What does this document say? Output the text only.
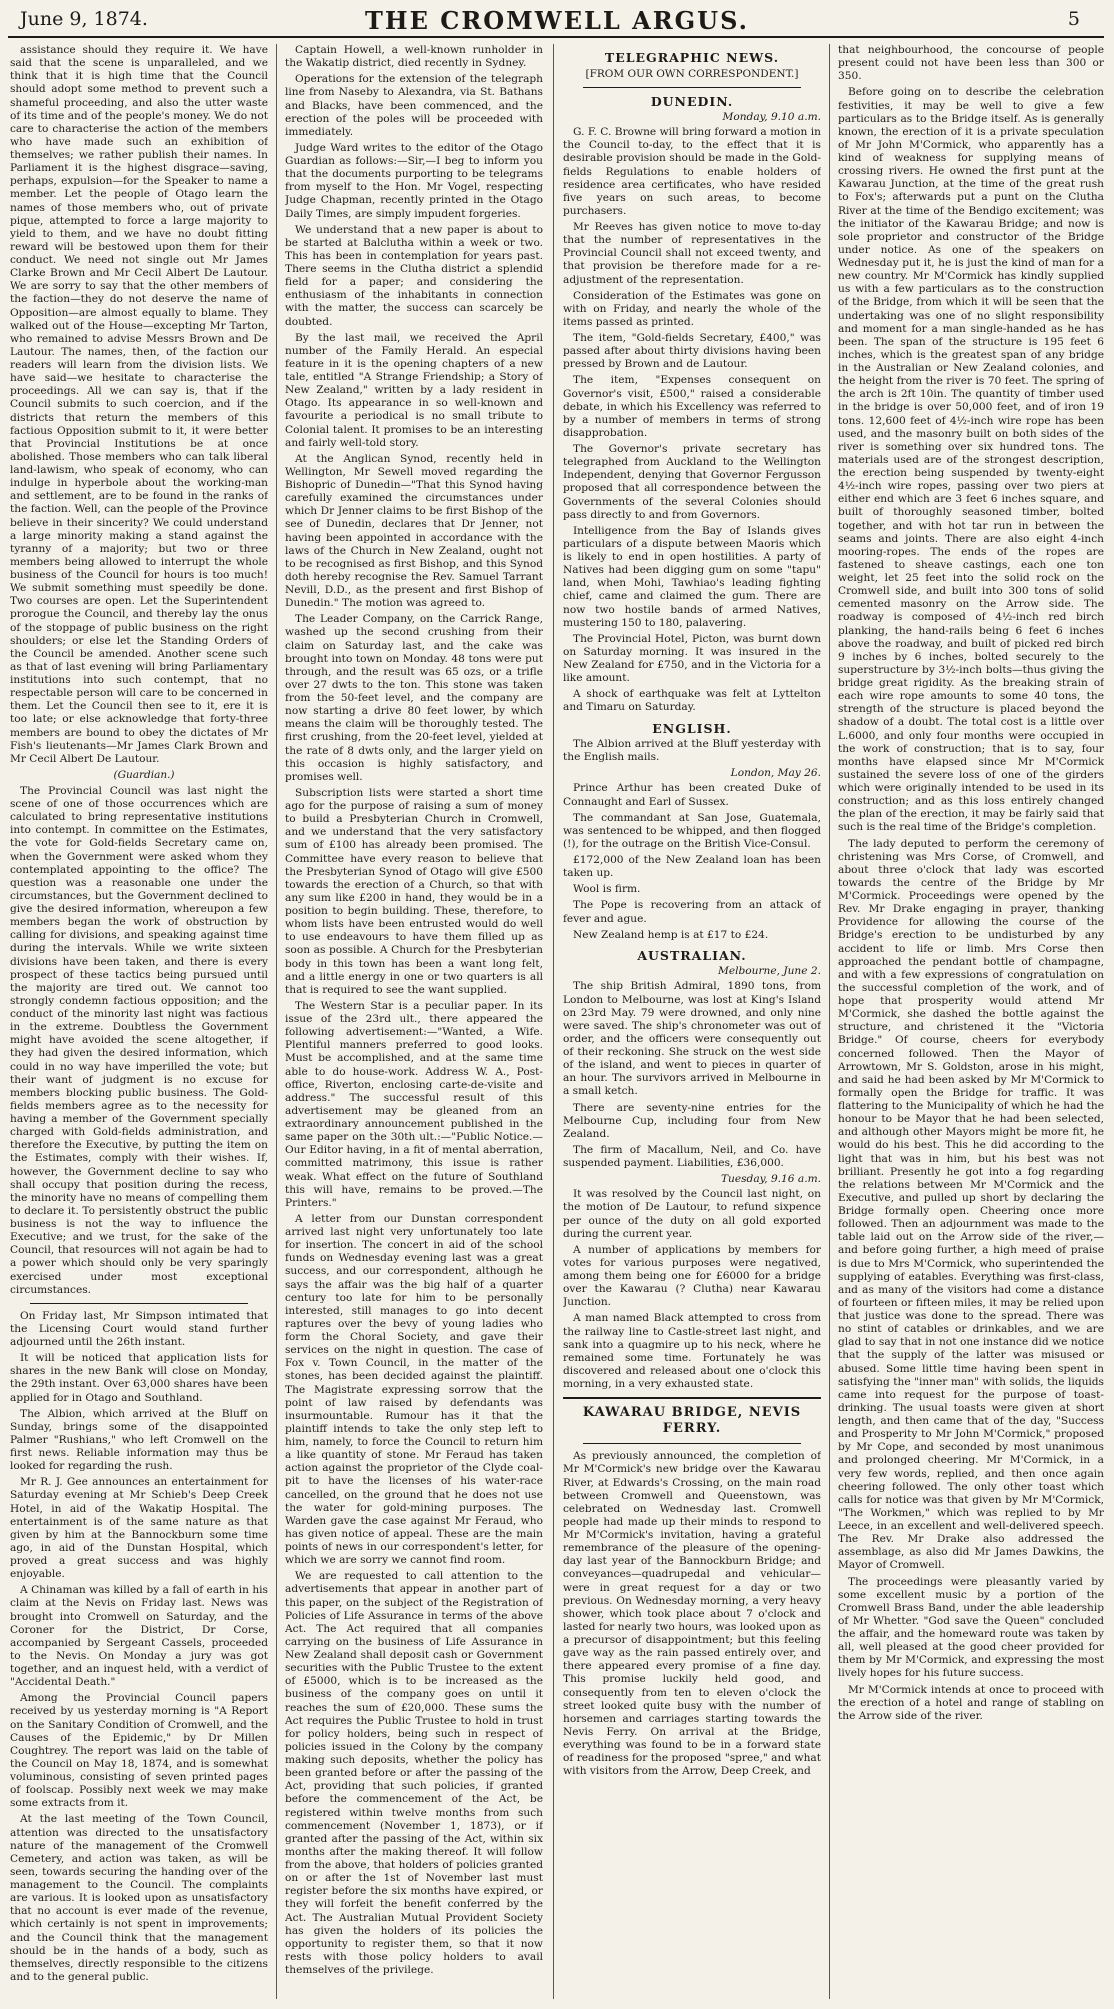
June 9, 1874.	THE CROMWELL ARGUS.	5

assistance should they require it. We have said that the scene is unparalleled, and we think that it is high time that the Council should adopt some method to prevent such a shameful proceeding, and also the utter waste of its time and of the people's money. We do not care to characterise the action of the members who have made such an exhibition of themselves; we rather publish their names. In Parliament it is the highest disgrace—saving, perhaps, expulsion—for the Speaker to name a member. Let the people of Otago learn the names of those members who, out of private pique, attempted to force a large majority to yield to them, and we have no doubt fitting reward will be bestowed upon them for their conduct. We need not single out Mr James Clarke Brown and Mr Cecil Albert De Lautour. We are sorry to say that the other members of the faction—they do not deserve the name of Opposition—are almost equally to blame. They walked out of the House—excepting Mr Tarton, who remained to advise Messrs Brown and De Lautour. The names, then, of the faction our readers will learn from the division lists. We have said—we hesitate to characterise the proceedings. All we can say is, that if the Council submits to such coercion, and if the districts that return the members of this factious Opposition submit to it, it were better that Provincial Institutions be at once abolished. Those members who can talk liberal land-lawism, who speak of economy, who can indulge in hyperbole about the working-man and settlement, are to be found in the ranks of the faction. Well, can the people of the Province believe in their sincerity? We could understand a large minority making a stand against the tyranny of a majority; but two or three members being allowed to interrupt the whole business of the Council for hours is too much! We submit something must speedily be done. Two courses are open. Let the Superintendent prorogue the Council, and thereby lay the onus of the stoppage of public business on the right shoulders; or else let the Standing Orders of the Council be amended. Another scene such as that of last evening will bring Parliamentary institutions into such contempt, that no respectable person will care to be concerned in them. Let the Council then see to it, ere it is too late; or else acknowledge that forty-three members are bound to obey the dictates of Mr Fish's lieutenants—Mr James Clark Brown and Mr Cecil Albert De Lautour.

(Guardian.)

The Provincial Council was last night the scene of one of those occurrences which are calculated to bring representative institutions into contempt. In committee on the Estimates, the vote for Gold-fields Secretary came on, when the Government were asked whom they contemplated appointing to the office? The question was a reasonable one under the circumstances, but the Government declined to give the desired information, whereupon a few members began the work of obstruction by calling for divisions, and speaking against time during the intervals. While we write sixteen divisions have been taken, and there is every prospect of these tactics being pursued until the majority are tired out. We cannot too strongly condemn factious opposition; and the conduct of the minority last night was factious in the extreme. Doubtless the Government might have avoided the scene altogether, if they had given the desired information, which could in no way have imperilled the vote; but their want of judgment is no excuse for members blocking public business. The Gold-fields members agree as to the necessity for having a member of the Government specially charged with Gold-fields administration, and therefore the Executive, by putting the item on the Estimates, comply with their wishes. If, however, the Government decline to say who shall occupy that position during the recess, the minority have no means of compelling them to declare it. To persistently obstruct the public business is not the way to influence the Executive; and we trust, for the sake of the Council, that resources will not again be had to a power which should only be very sparingly exercised under most exceptional circumstances.

On Friday last, Mr Simpson intimated that the Licensing Court would stand further adjourned until the 26th instant.

It will be noticed that application lists for shares in the new Bank will close on Monday, the 29th instant. Over 63,000 shares have been applied for in Otago and Southland.

The Albion, which arrived at the Bluff on Sunday, brings some of the disappointed Palmer "Rushians," who left Cromwell on the first news. Reliable information may thus be looked for regarding the rush.

Mr R. J. Gee announces an entertainment for Saturday evening at Mr Schieb's Deep Creek Hotel, in aid of the Wakatip Hospital. The entertainment is of the same nature as that given by him at the Bannockburn some time ago, in aid of the Dunstan Hospital, which proved a great success and was highly enjoyable.

A Chinaman was killed by a fall of earth in his claim at the Nevis on Friday last. News was brought into Cromwell on Saturday, and the Coroner for the District, Dr Corse, accompanied by Sergeant Cassels, proceeded to the Nevis. On Monday a jury was got together, and an inquest held, with a verdict of "Accidental Death."

Among the Provincial Council papers received by us yesterday morning is "A Report on the Sanitary Condition of Cromwell, and the Causes of the Epidemic," by Dr Millen Coughtrey. The report was laid on the table of the Council on May 18, 1874, and is somewhat voluminous, consisting of seven printed pages of foolscap. Possibly next week we may make some extracts from it.

At the last meeting of the Town Council, attention was directed to the unsatisfactory nature of the management of the Cromwell Cemetery, and action was taken, as will be seen, towards securing the handing over of the management to the Council. The complaints are various. It is looked upon as unsatisfactory that no account is ever made of the revenue, which certainly is not spent in improvements; and the Council think that the management should be in the hands of a body, such as themselves, directly responsible to the citizens and to the general public.

Captain Howell, a well-known runholder in the Wakatip district, died recently in Sydney.

Operations for the extension of the telegraph line from Naseby to Alexandra, via St. Bathans and Blacks, have been commenced, and the erection of the poles will be proceeded with immediately.

Judge Ward writes to the editor of the Otago Guardian as follows:—Sir,—I beg to inform you that the documents purporting to be telegrams from myself to the Hon. Mr Vogel, respecting Judge Chapman, recently printed in the Otago Daily Times, are simply impudent forgeries.

We understand that a new paper is about to be started at Balclutha within a week or two. This has been in contemplation for years past. There seems in the Clutha district a splendid field for a paper; and considering the enthusiasm of the inhabitants in connection with the matter, the success can scarcely be doubted.

By the last mail, we received the April number of the Family Herald. An especial feature in it is the opening chapters of a new tale, entitled "A Strange Friendship; a Story of New Zealand," written by a lady resident in Otago. Its appearance in so well-known and favourite a periodical is no small tribute to Colonial talent. It promises to be an interesting and fairly well-told story.

At the Anglican Synod, recently held in Wellington, Mr Sewell moved regarding the Bishopric of Dunedin—"That this Synod having carefully examined the circumstances under which Dr Jenner claims to be first Bishop of the see of Dunedin, declares that Dr Jenner, not having been appointed in accordance with the laws of the Church in New Zealand, ought not to be recognised as first Bishop, and this Synod doth hereby recognise the Rev. Samuel Tarrant Nevill, D.D., as the present and first Bishop of Dunedin." The motion was agreed to.

The Leader Company, on the Carrick Range, washed up the second crushing from their claim on Saturday last, and the cake was brought into town on Monday. 48 tons were put through, and the result was 65 ozs, or a trifle over 27 dwts to the ton. This stone was taken from the 50-feet level, and the company are now starting a drive 80 feet lower, by which means the claim will be thoroughly tested. The first crushing, from the 20-feet level, yielded at the rate of 8 dwts only, and the larger yield on this occasion is highly satisfactory, and promises well.

Subscription lists were started a short time ago for the purpose of raising a sum of money to build a Presbyterian Church in Cromwell, and we understand that the very satisfactory sum of £100 has already been promised. The Committee have every reason to believe that the Presbyterian Synod of Otago will give £500 towards the erection of a Church, so that with any sum like £200 in hand, they would be in a position to begin building. These, therefore, to whom lists have been entrusted would do well to use endeavours to have them filled up as soon as possible. A Church for the Presbyterian body in this town has been a want long felt, and a little energy in one or two quarters is all that is required to see the want supplied.

The Western Star is a peculiar paper. In its issue of the 23rd ult., there appeared the following advertisement:—"Wanted, a Wife. Plentiful manners preferred to good looks. Must be accomplished, and at the same time able to do house-work. Address W. A., Post-office, Riverton, enclosing carte-de-visite and address." The successful result of this advertisement may be gleaned from an extraordinary announcement published in the same paper on the 30th ult.:—"Public Notice.—Our Editor having, in a fit of mental aberration, committed matrimony, this issue is rather weak. What effect on the future of Southland this will have, remains to be proved.—The Printers."

A letter from our Dunstan correspondent arrived last night very unfortunately too late for insertion. The concert in aid of the school funds on Wednesday evening last was a great success, and our correspondent, although he says the affair was the big half of a quarter century too late for him to be personally interested, still manages to go into decent raptures over the bevy of young ladies who form the Choral Society, and gave their services on the night in question. The case of Fox v. Town Council, in the matter of the stones, has been decided against the plaintiff. The Magistrate expressing sorrow that the point of law raised by defendants was insurmountable. Rumour has it that the plaintiff intends to take the only step left to him, namely, to force the Council to return him a like quantity of stone. Mr Feraud has taken action against the proprietor of the Clyde coal-pit to have the licenses of his water-race cancelled, on the ground that he does not use the water for gold-mining purposes. The Warden gave the case against Mr Feraud, who has given notice of appeal. These are the main points of news in our correspondent's letter, for which we are sorry we cannot find room.

We are requested to call attention to the advertisements that appear in another part of this paper, on the subject of the Registration of Policies of Life Assurance in terms of the above Act. The Act required that all companies carrying on the business of Life Assurance in New Zealand shall deposit cash or Government securities with the Public Trustee to the extent of £5000, which is to be increased as the business of the company goes on until it reaches the sum of £20,000. These sums the Act requires the Public Trustee to hold in trust for policy holders, being such in respect of policies issued in the Colony by the company making such deposits, whether the policy has been granted before or after the passing of the Act, providing that such policies, if granted before the commencement of the Act, be registered within twelve months from such commencement (November 1, 1873), or if granted after the passing of the Act, within six months after the making thereof. It will follow from the above, that holders of policies granted on or after the 1st of November last must register before the six months have expired, or they will forfeit the benefit conferred by the Act. The Australian Mutual Provident Society has given the holders of its policies the opportunity to register them, so that it now rests with those policy holders to avail themselves of the privilege.

TELEGRAPHIC NEWS.
[FROM OUR OWN CORRESPONDENT.]
DUNEDIN.
Monday, 9.10 a.m.

G. F. C. Browne will bring forward a motion in the Council to-day, to the effect that it is desirable provision should be made in the Gold-fields Regulations to enable holders of residence area certificates, who have resided five years on such areas, to become purchasers.

Mr Reeves has given notice to move to-day that the number of representatives in the Provincial Council shall not exceed twenty, and that provision be therefore made for a re-adjustment of the representation.

Consideration of the Estimates was gone on with on Friday, and nearly the whole of the items passed as printed.

The item, "Gold-fields Secretary, £400," was passed after about thirty divisions having been pressed by Brown and de Lautour.

The item, "Expenses consequent on Governor's visit, £500," raised a considerable debate, in which his Excellency was referred to by a number of members in terms of strong disapprobation.

The Governor's private secretary has telegraphed from Auckland to the Wellington Independent, denying that Governor Fergusson proposed that all correspondence between the Governments of the several Colonies should pass directly to and from Governors.

Intelligence from the Bay of Islands gives particulars of a dispute between Maoris which is likely to end in open hostilities. A party of Natives had been digging gum on some "tapu" land, when Mohi, Tawhiao's leading fighting chief, came and claimed the gum. There are now two hostile bands of armed Natives, mustering 150 to 180, palavering.

The Provincial Hotel, Picton, was burnt down on Saturday morning. It was insured in the New Zealand for £750, and in the Victoria for a like amount.

A shock of earthquake was felt at Lyttelton and Timaru on Saturday.

ENGLISH.

The Albion arrived at the Bluff yesterday with the English mails.

London, May 26.

Prince Arthur has been created Duke of Connaught and Earl of Sussex.

The commandant at San Jose, Guatemala, was sentenced to be whipped, and then flogged (!), for the outrage on the British Vice-Consul.

£172,000 of the New Zealand loan has been taken up.

Wool is firm.

The Pope is recovering from an attack of fever and ague.

New Zealand hemp is at £17 to £24.

AUSTRALIAN.
Melbourne, June 2.

The ship British Admiral, 1890 tons, from London to Melbourne, was lost at King's Island on 23rd May. 79 were drowned, and only nine were saved. The ship's chronometer was out of order, and the officers were consequently out of their reckoning. She struck on the west side of the island, and went to pieces in quarter of an hour. The survivors arrived in Melbourne in a small ketch.

There are seventy-nine entries for the Melbourne Cup, including four from New Zealand.

The firm of Macallum, Neil, and Co. have suspended payment. Liabilities, £36,000.

Tuesday, 9.16 a.m.

It was resolved by the Council last night, on the motion of De Lautour, to refund sixpence per ounce of the duty on all gold exported during the current year.

A number of applications by members for votes for various purposes were negatived, among them being one for £6000 for a bridge over the Kawarau (? Clutha) near Kawarau Junction.

A man named Black attempted to cross from the railway line to Castle-street last night, and sank into a quagmire up to his neck, where he remained some time. Fortunately he was discovered and released about one o'clock this morning, in a very exhausted state.

KAWARAU BRIDGE, NEVIS FERRY.

As previously announced, the completion of Mr M'Cormick's new bridge over the Kawarau River, at Edwards's Crossing, on the main road between Cromwell and Queenstown, was celebrated on Wednesday last. Cromwell people had made up their minds to respond to Mr M'Cormick's invitation, having a grateful remembrance of the pleasure of the opening-day last year of the Bannockburn Bridge; and conveyances—quadrupedal and vehicular—were in great request for a day or two previous. On Wednesday morning, a very heavy shower, which took place about 7 o'clock and lasted for nearly two hours, was looked upon as a precursor of disappointment; but this feeling gave way as the rain passed entirely over, and there appeared every promise of a fine day. This promise luckily held good, and consequently from ten to eleven o'clock the street looked quite busy with the number of horsemen and carriages starting towards the Nevis Ferry. On arrival at the Bridge, everything was found to be in a forward state of readiness for the proposed "spree," and what with visitors from the Arrow, Deep Creek, and

that neighbourhood, the concourse of people present could not have been less than 300 or 350.

Before going on to describe the celebration festivities, it may be well to give a few particulars as to the Bridge itself. As is generally known, the erection of it is a private speculation of Mr John M'Cormick, who apparently has a kind of weakness for supplying means of crossing rivers. He owned the first punt at the Kawarau Junction, at the time of the great rush to Fox's; afterwards put a punt on the Clutha River at the time of the Bendigo excitement; was the initiator of the Kawarau Bridge; and now is sole proprietor and constructor of the Bridge under notice. As one of the speakers on Wednesday put it, he is just the kind of man for a new country. Mr M'Cormick has kindly supplied us with a few particulars as to the construction of the Bridge, from which it will be seen that the undertaking was one of no slight responsibility and moment for a man single-handed as he has been. The span of the structure is 195 feet 6 inches, which is the greatest span of any bridge in the Australian or New Zealand colonies, and the height from the river is 70 feet. The spring of the arch is 2ft 10in. The quantity of timber used in the bridge is over 50,000 feet, and of iron 19 tons. 12,600 feet of 4½-inch wire rope has been used, and the masonry built on both sides of the river is something over six hundred tons. The materials used are of the strongest description, the erection being suspended by twenty-eight 4½-inch wire ropes, passing over two piers at either end which are 3 feet 6 inches square, and built of thoroughly seasoned timber, bolted together, and with hot tar run in between the seams and joints. There are also eight 4-inch mooring-ropes. The ends of the ropes are fastened to sheave castings, each one ton weight, let 25 feet into the solid rock on the Cromwell side, and built into 300 tons of solid cemented masonry on the Arrow side. The roadway is composed of 4½-inch red birch planking, the hand-rails being 6 feet 6 inches above the roadway, and built of picked red birch 9 inches by 6 inches, bolted securely to the superstructure by 3½-inch bolts—thus giving the bridge great rigidity. As the breaking strain of each wire rope amounts to some 40 tons, the strength of the structure is placed beyond the shadow of a doubt. The total cost is a little over L.6000, and only four months were occupied in the work of construction; that is to say, four months have elapsed since Mr M'Cormick sustained the severe loss of one of the girders which were originally intended to be used in its construction; and as this loss entirely changed the plan of the erection, it may be fairly said that such is the real time of the Bridge's completion.

The lady deputed to perform the ceremony of christening was Mrs Corse, of Cromwell, and about three o'clock that lady was escorted towards the centre of the Bridge by Mr M'Cormick. Proceedings were opened by the Rev. Mr Drake engaging in prayer, thanking Providence for allowing the course of the Bridge's erection to be undisturbed by any accident to life or limb. Mrs Corse then approached the pendant bottle of champagne, and with a few expressions of congratulation on the successful completion of the work, and of hope that prosperity would attend Mr M'Cormick, she dashed the bottle against the structure, and christened it the "Victoria Bridge." Of course, cheers for everybody concerned followed. Then the Mayor of Arrowtown, Mr S. Goldston, arose in his might, and said he had been asked by Mr M'Cormick to formally open the Bridge for traffic. It was flattering to the Municipality of which he had the honour to be Mayor that he had been selected, and although other Mayors might be more fit, he would do his best. This he did according to the light that was in him, but his best was not brilliant. Presently he got into a fog regarding the relations between Mr M'Cormick and the Executive, and pulled up short by declaring the Bridge formally open. Cheering once more followed. Then an adjournment was made to the table laid out on the Arrow side of the river,—and before going further, a high meed of praise is due to Mrs M'Cormick, who superintended the supplying of eatables. Everything was first-class, and as many of the visitors had come a distance of fourteen or fifteen miles, it may be relied upon that justice was done to the spread. There was no stint of catables or drinkables, and we are glad to say that in not one instance did we notice that the supply of the latter was misused or abused. Some little time having been spent in satisfying the "inner man" with solids, the liquids came into request for the purpose of toast-drinking. The usual toasts were given at short length, and then came that of the day, "Success and Prosperity to Mr John M'Cormick," proposed by Mr Cope, and seconded by most unanimous and prolonged cheering. Mr M'Cormick, in a very few words, replied, and then once again cheering followed. The only other toast which calls for notice was that given by Mr M'Cormick, "The Workmen," which was replied to by Mr Leece, in an excellent and well-delivered speech. The Rev. Mr Drake also addressed the assemblage, as also did Mr James Dawkins, the Mayor of Cromwell.

The proceedings were pleasantly varied by some excellent music by a portion of the Cromwell Brass Band, under the able leadership of Mr Whetter. "God save the Queen" concluded the affair, and the homeward route was taken by all, well pleased at the good cheer provided for them by Mr M'Cormick, and expressing the most lively hopes for his future success.

Mr M'Cormick intends at once to proceed with the erection of a hotel and range of stabling on the Arrow side of the river.
